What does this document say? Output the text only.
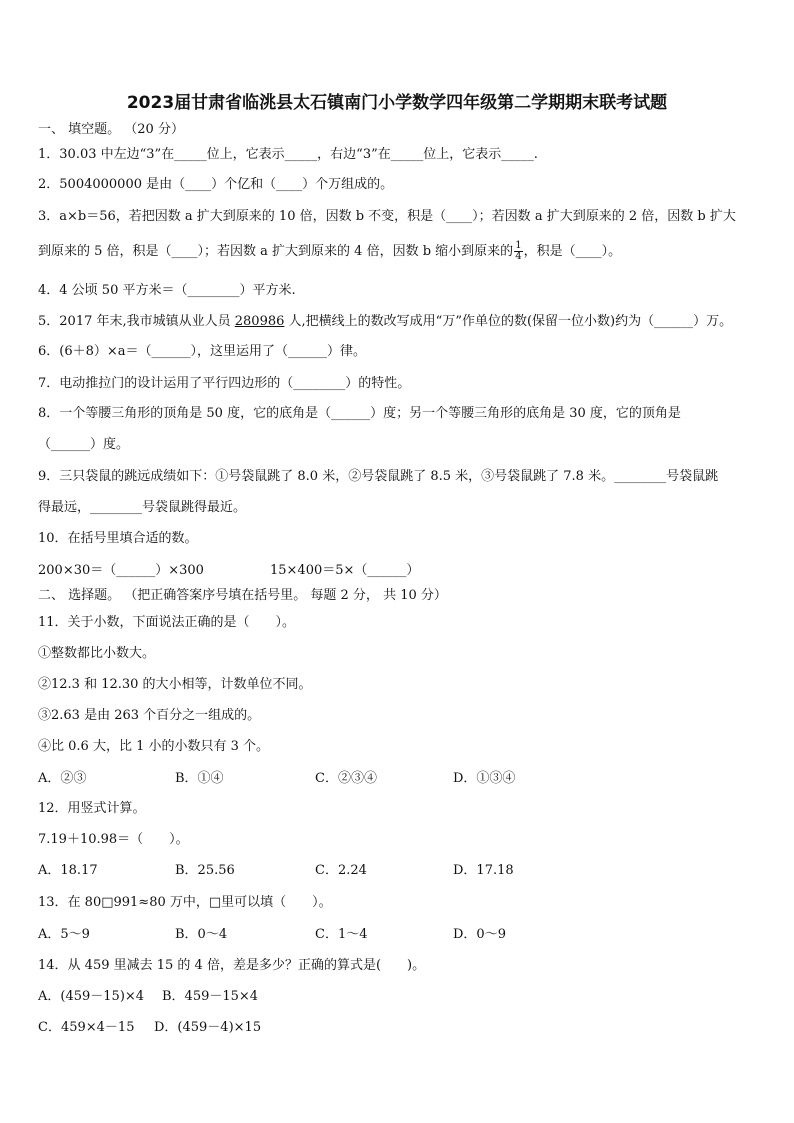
2023届甘肃省临洮县太石镇南门小学数学四年级第二学期期末联考试题
一、 填空题。 （20 分）
1．30.03 中左边“3”在_____位上，它表示_____，右边“3”在_____位上，它表示_____.
2．5004000000 是由（____）个亿和（____）个万组成的。
3．a×b＝56，若把因数 a 扩大到原来的 10 倍，因数 b 不变，积是（____）；若因数 a 扩大到原来的 2 倍，因数 b 扩大
到原来的 5 倍，积是（____）；若因数 a 扩大到原来的 4 倍，因数 b 缩小到原来的 $\frac{1}{4}$ ，积是（____）。
4．4 公顷 50 平方米＝（________）平方米.
5．2017 年末,我市城镇从业人员 280986 人,把横线上的数改写成用“万”作单位的数(保留一位小数)约为（______）万。
6．(6＋8）×a＝（______），这里运用了（______）律。
7．电动推拉门的设计运用了平行四边形的（________）的特性。
8．一个等腰三角形的顶角是 50 度，它的底角是（______）度；另一个等腰三角形的底角是 30 度，它的顶角是
（______）度。
9．三只袋鼠的跳远成绩如下：①号袋鼠跳了 8.0 米，②号袋鼠跳了 8.5 米，③号袋鼠跳了 7.8 米。________号袋鼠跳
得最远，________号袋鼠跳得最近。
10．在括号里填合适的数。
200×30＝（______）×300	15×400＝5×（______）
二、 选择题。 （把正确答案序号填在括号里。 每题 2 分， 共 10 分）
11．关于小数，下面说法正确的是（　　）。
①整数都比小数大。
②12.3 和 12.30 的大小相等，计数单位不同。
③2.63 是由 263 个百分之一组成的。
④比 0.6 大，比 1 小的小数只有 3 个。
A．②③	B．①④	C．②③④	D．①③④
12．用竖式计算。
7.19＋10.98＝（　　）。
A．18.17	B．25.56	C．2.24	D．17.18
13．在 80□991≈80 万中，□里可以填（　　）。
A．5～9	B．0～4	C．1～4	D．0～9
14．从 459 里减去 15 的 4 倍，差是多少？正确的算式是(　　)。
A．(459－15)×4 B．459－15×4
C．459×4－15 D．(459－4)×15
